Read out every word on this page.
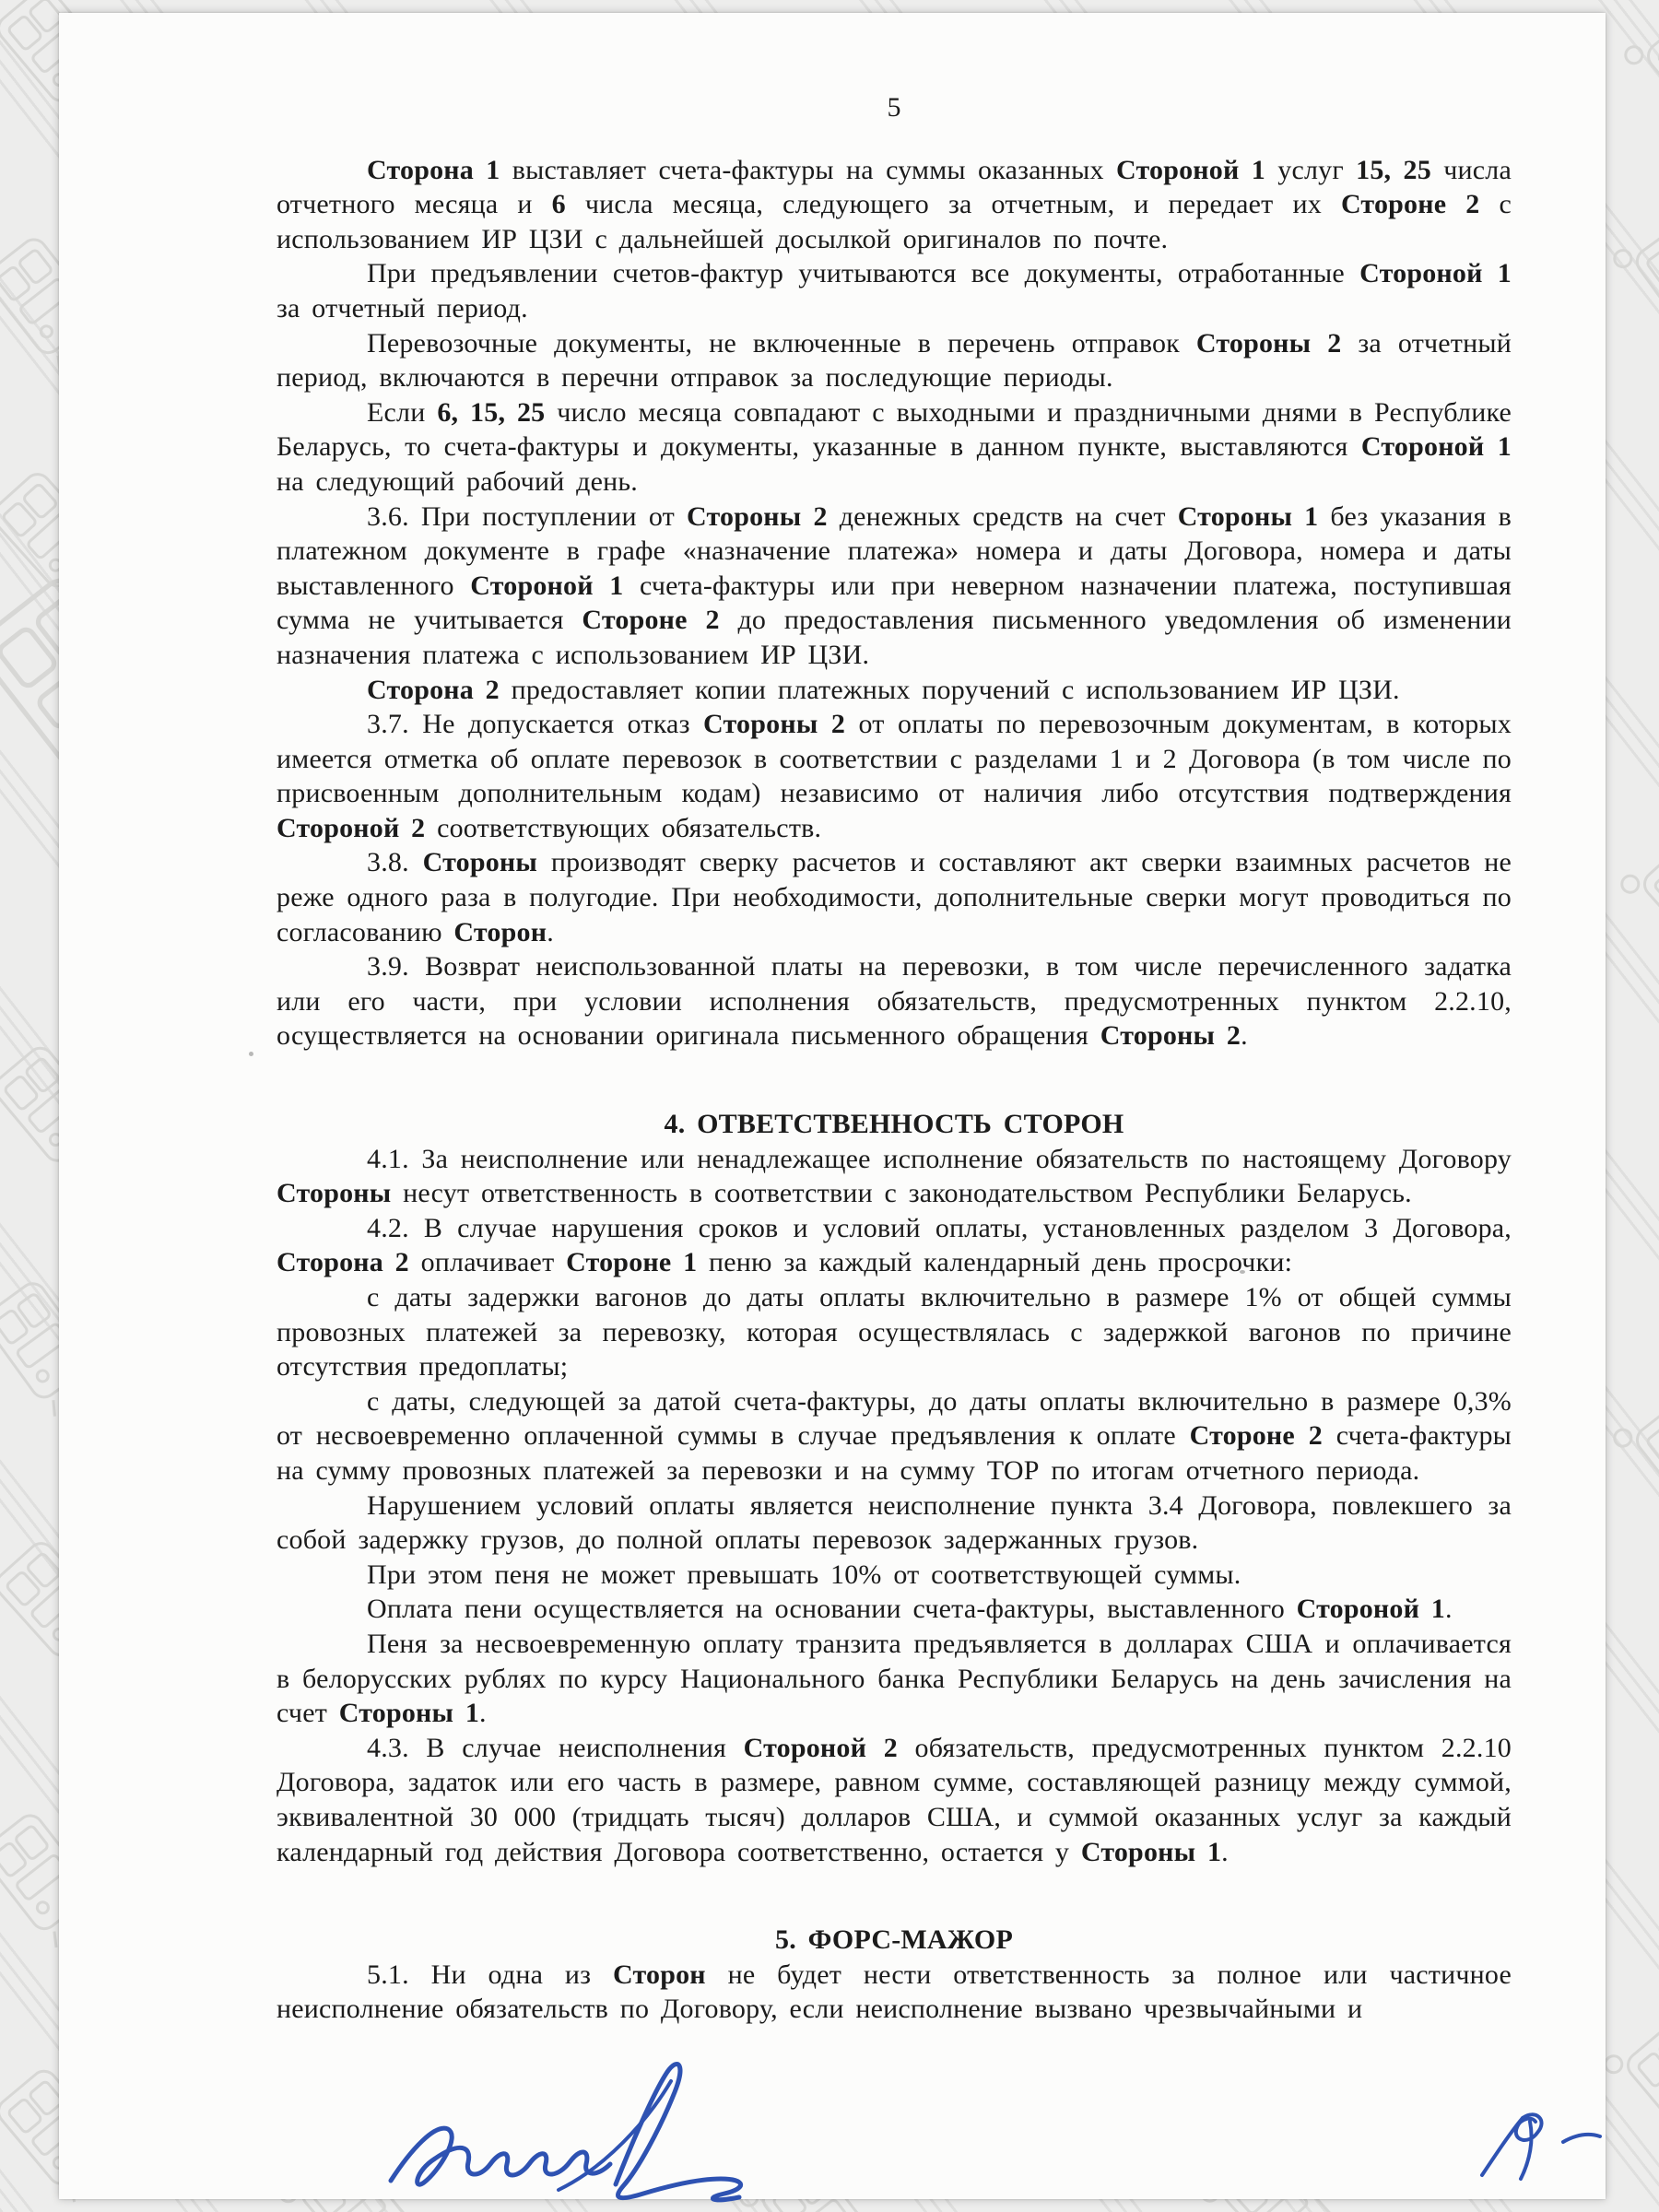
5

Сторона 1 выставляет счета-фактуры на суммы оказанных Стороной 1 услуг 15, 25 числа отчетного месяца и 6 числа месяца, следующего за отчетным, и передает их Стороне 2 с использованием ИР ЦЗИ с дальнейшей досылкой оригиналов по почте.

При предъявлении счетов-фактур учитываются все документы, отработанные Стороной 1 за отчетный период.

Перевозочные документы, не включенные в перечень отправок Стороны 2 за отчетный период, включаются в перечни отправок за последующие периоды.

Если 6, 15, 25 число месяца совпадают с выходными и праздничными днями в Республике Беларусь, то счета-фактуры и документы, указанные в данном пункте, выставляются Стороной 1 на следующий рабочий день.

3.6. При поступлении от Стороны 2 денежных средств на счет Стороны 1 без указания в платежном документе в графе «назначение платежа» номера и даты Договора, номера и даты выставленного Стороной 1 счета-фактуры или при неверном назначении платежа, поступившая сумма не учитывается Стороне 2 до предоставления письменного уведомления об изменении назначения платежа с использованием ИР ЦЗИ.

Сторона 2 предоставляет копии платежных поручений с использованием ИР ЦЗИ.

3.7. Не допускается отказ Стороны 2 от оплаты по перевозочным документам, в которых имеется отметка об оплате перевозок в соответствии с разделами 1 и 2 Договора (в том числе по присвоенным дополнительным кодам) независимо от наличия либо отсутствия подтверждения Стороной 2 соответствующих обязательств.

3.8. Стороны производят сверку расчетов и составляют акт сверки взаимных расчетов не реже одного раза в полугодие. При необходимости, дополнительные сверки могут проводиться по согласованию Сторон.

3.9. Возврат неиспользованной платы на перевозки, в том числе перечисленного задатка или его части, при условии исполнения обязательств, предусмотренных пунктом 2.2.10, осуществляется на основании оригинала письменного обращения Стороны 2.

4. ОТВЕТСТВЕННОСТЬ СТОРОН

4.1. За неисполнение или ненадлежащее исполнение обязательств по настоящему Договору Стороны несут ответственность в соответствии с законодательством Республики Беларусь.

4.2. В случае нарушения сроков и условий оплаты, установленных разделом 3 Договора, Сторона 2 оплачивает Стороне 1 пеню за каждый календарный день просрочки:

с даты задержки вагонов до даты оплаты включительно в размере 1% от общей суммы провозных платежей за перевозку, которая осуществлялась с задержкой вагонов по причине отсутствия предоплаты;

с даты, следующей за датой счета-фактуры, до даты оплаты включительно в размере 0,3% от несвоевременно оплаченной суммы в случае предъявления к оплате Стороне 2 счета-фактуры на сумму провозных платежей за перевозки и на сумму ТОР по итогам отчетного периода.

Нарушением условий оплаты является неисполнение пункта 3.4 Договора, повлекшего за собой задержку грузов, до полной оплаты перевозок задержанных грузов.

При этом пеня не может превышать 10% от соответствующей суммы.

Оплата пени осуществляется на основании счета-фактуры, выставленного Стороной 1.

Пеня за несвоевременную оплату транзита предъявляется в долларах США и оплачивается в белорусских рублях по курсу Национального банка Республики Беларусь на день зачисления на счет Стороны 1.

4.3. В случае неисполнения Стороной 2 обязательств, предусмотренных пунктом 2.2.10 Договора, задаток или его часть в размере, равном сумме, составляющей разницу между суммой, эквивалентной 30 000 (тридцать тысяч) долларов США, и суммой оказанных услуг за каждый календарный год действия Договора соответственно, остается у Стороны 1.

5. ФОРС-МАЖОР

5.1. Ни одна из Сторон не будет нести ответственность за полное или частичное неисполнение обязательств по Договору, если неисполнение вызвано чрезвычайными и
